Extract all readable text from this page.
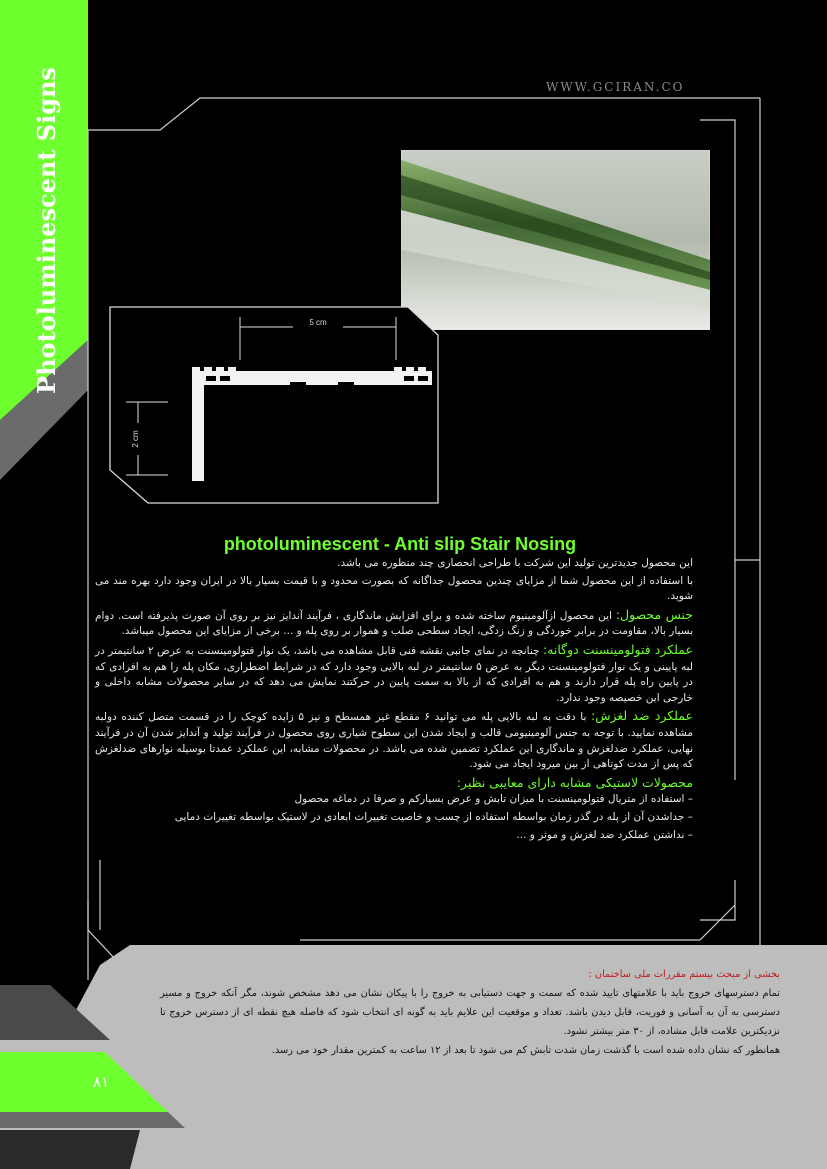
Photoluminescent Signs	WWW.GCIRAN.CO
5 cm
2 cm
photoluminescent - Anti slip Stair Nosing

این محصول جدیدترین تولید این شرکت با طراحی انحصاری چند منظوره می باشد.

با استفاده از این محصول شما از مزایای چندین محصول جداگانه که بصورت محدود و با قیمت بسیار بالا در ایران وجود دارد بهره مند می شوید.

جنس محصول: این محصول ازآلومینیوم ساخته شده و برای افزایش ماندگاری ، فرآیند آندایز نیز بر روی آن صورت پذیرفته است. دوام بسیار بالا، مقاومت در برابر خوردگی و زنگ زدگی، ایجاد سطحی صلب و هموار بر روی پله و ... برخی از مزایای این محصول میباشد.

عملکرد فتولومینسنت دوگانه: چنانچه در نمای جانبی نقشه فنی قابل مشاهده می باشد، یک نوار فتولومینسنت به عرض ۲ سانتیمتر در لبه پایینی و یک نوار فتولومینسنت دیگر به عرض ۵ سانتیمتر در لبه بالایی وجود دارد که در شرایط اضطراری، مکان پله را هم به افرادی که در پایین راه پله قرار دارند و هم به افرادی که از بالا به سمت پایین در حرکتند نمایش می دهد که در سایر محصولات مشابه داخلی و خارجی این خصیصه وجود ندارد.

عملکرد ضد لغزش: با دقت به لبه بالایی پله می توانید ۶ مقطع غیر همسطح و نیز ۵ زایده کوچک را در قسمت متصل کننده دولبه مشاهده نمایید. با توجه به جنس آلومینیومی قالب و ایجاد شدن این سطوح شیاری روی محصول در فرآیند تولید و آندایز شدن آن در فرآیند نهایی، عملکرد ضدلغزش و ماندگاری این عملکرد تضمین شده می باشد. در محصولات مشابه، این عملکرد عمدتا بوسیله نوارهای ضدلغزش که پس از مدت کوتاهی از بین میرود ایجاد می شود.

محصولات لاستیکی مشابه دارای معایبی نظیر:

– استفاده از متریال فتولومینسنت با میزان تابش و عرض بسیارکم و صرفا در دماغه محصول

– جداشدن آن از پله در گذر زمان بواسطه استفاده از چسب و خاصیت تغییرات ابعادی در لاستیک بواسطه تغییرات دمایی

– نداشتن عملکرد ضد لغزش و موثر و ...

بخشی از مبحث بیستم مقررات ملی ساختمان :
تمام دسترسهای خروج باید با علامتهای تایید شده که سمت و جهت دستیابی به خروج را با پیکان نشان می دهد مشخص شوند، مگر آنکه خروج و مسیر دسترسی به آن به آسانی و فوریت، قابل دیدن باشد. تعداد و موقعیت این علایم باید به گونه ای انتخاب شود که فاصله هیچ نقطه ای از دسترس خروج تا نزدیکترین علامت قابل مشاده، از ۳۰ متر بیشتر نشود.
همانطور که نشان داده شده است با گذشت زمان شدت تابش کم می شود تا بعد از ۱۲ ساعت به کمترین مقدار خود می رسد.
۸۱
